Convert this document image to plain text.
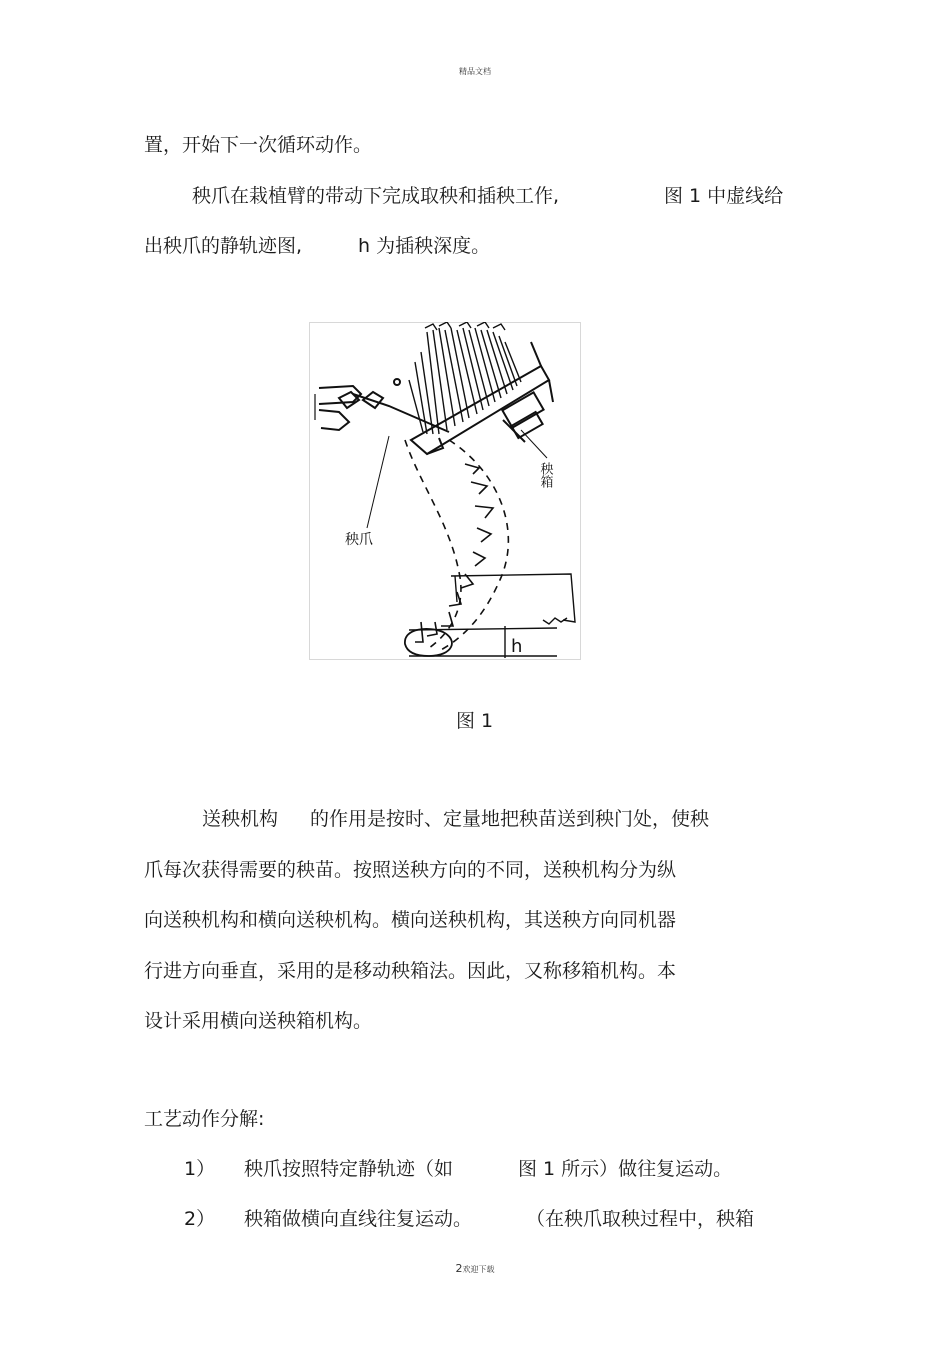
精品文档
置，开始下一次循环动作。
秧爪在栽植臂的带动下完成取秧和插秧工作,	图 1 中虚线给
出秧爪的静轨迹图,	h 为插秧深度。
秧箱
秧爪
h
图 1
送秧机构 的作用是按时、定量地把秧苗送到秧门处，使秧
爪每次获得需要的秧苗。按照送秧方向的不同，送秧机构分为纵
向送秧机构和横向送秧机构。横向送秧机构，其送秧方向同机器
行进方向垂直，采用的是移动秧箱法。因此，又称移箱机构。本
设计采用横向送秧箱机构。
工艺动作分解:
1） 秧爪按照特定静轨迹（如	图 1 所示）做往复运动。
2） 秧箱做横向直线往复运动。	（在秧爪取秧过程中，秧箱
2欢迎下载
